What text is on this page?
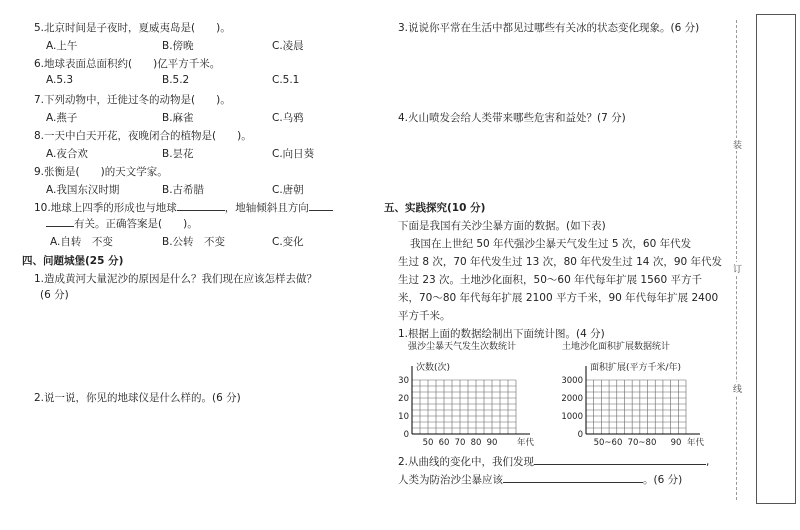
5.北京时间是子夜时，夏威夷岛是(　　)。
A.上午	B.傍晚	C.凌晨
6.地球表面总面积约(　　)亿平方千米。
A.5.3	B.5.2	C.5.1
7.下列动物中，迁徙过冬的动物是(　　)。
A.燕子	B.麻雀	C.乌鸦
8.一天中白天开花，夜晚闭合的植物是(　　)。
A.夜合欢	B.昙花	C.向日葵
9.张衡是(　　)的天文学家。
A.我国东汉时期	B.古希腊	C.唐朝
10.地球上四季的形成也与地球	，地轴倾斜且方向
有关。正确答案是(　　)。
A.自转　不变	B.公转　不变	C.变化
四、问题城堡(25 分)
1.造成黄河大量泥沙的原因是什么？我们现在应该怎样去做？
(6 分)
2.说一说，你见的地球仪是什么样的。(6 分)
3.说说你平常在生活中都见过哪些有关冰的状态变化现象。(6 分)
4.火山喷发会给人类带来哪些危害和益处？(7 分)
五、实践探究(10 分)
下面是我国有关沙尘暴方面的数据。(如下表)
我国在上世纪 50 年代强沙尘暴天气发生过 5 次，60 年代发
生过 8 次，70 年代发生过 13 次，80 年代发生过 14 次，90 年代发
生过 23 次。土地沙化面积，50～60 年代每年扩展 1560 平方千
米，70～80 年代每年扩展 2100 平方千米，90 年代每年扩展 2400
平方千米。
1.根据上面的数据绘制出下面统计图。(4 分)
强沙尘暴天气发生次数统计
次数(次)
0
10
20
30
50 60 70 80 90 年代
土地沙化面积扩展数据统计
面积扩展(平方千米/年)
0
1000
2000
3000
50~60 70~80 90 年代
2.从曲线的变化中，我们发现	,
人类为防治沙尘暴应该	。(6 分)
装
订
线
